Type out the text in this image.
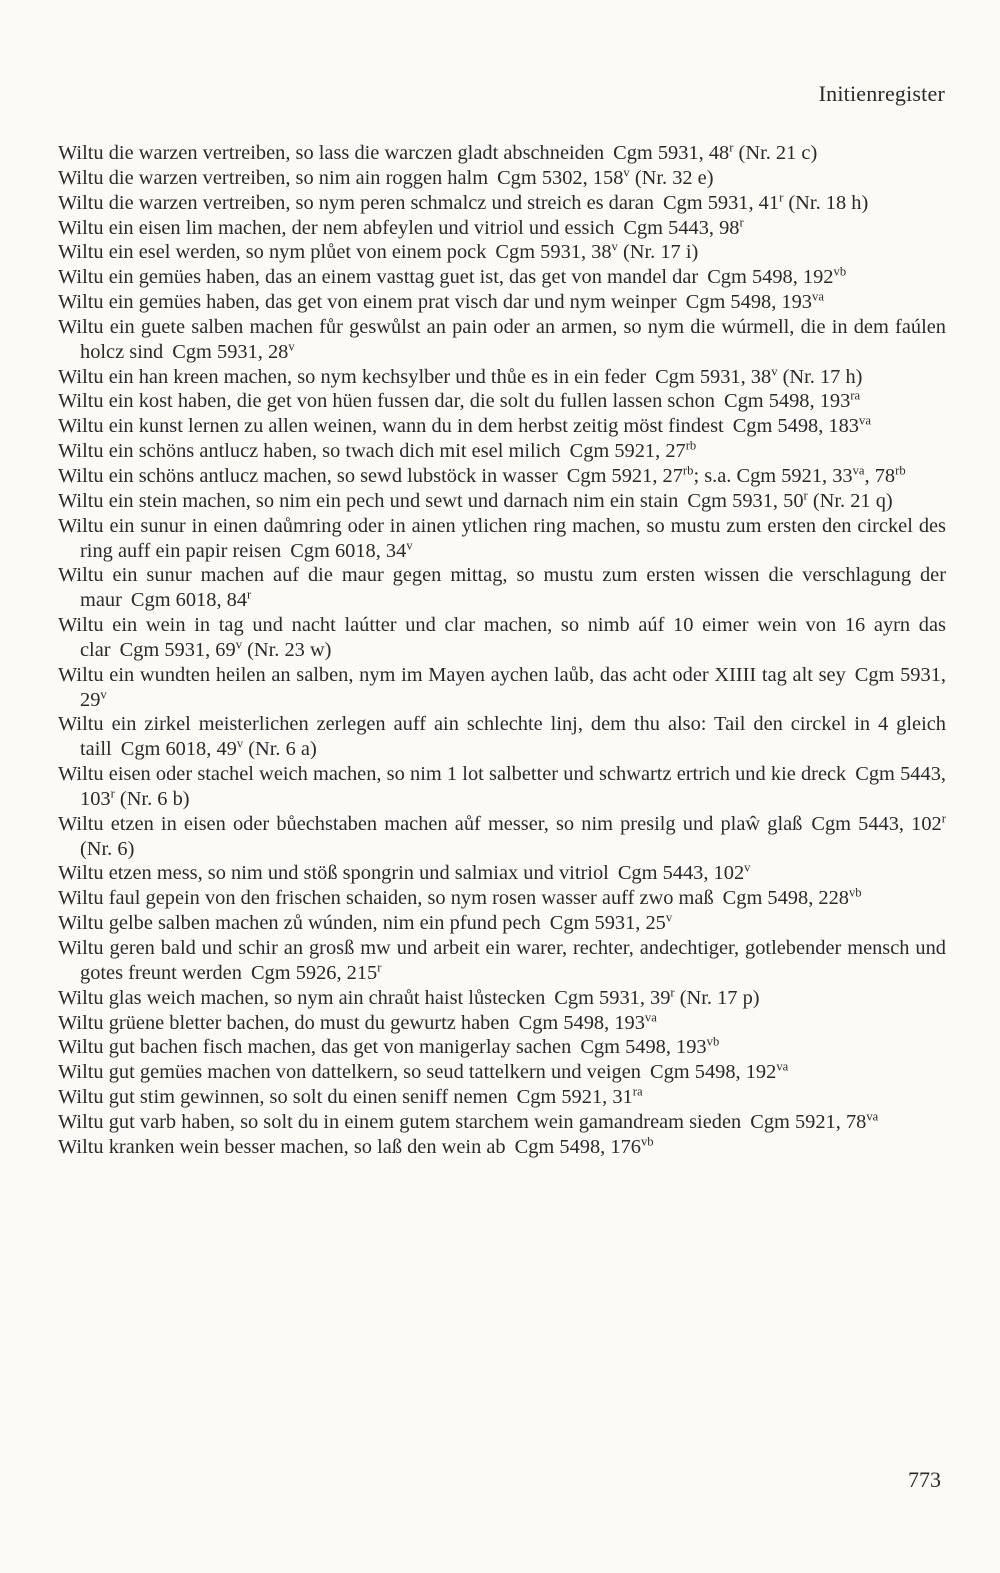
Initienregister
Wiltu die warzen vertreiben, so lass die warczen gladt abschneiden Cgm 5931, 48$^r$ (Nr. 21 c)
Wiltu die warzen vertreiben, so nim ain roggen halm Cgm 5302, 158$^v$ (Nr. 32 e)
Wiltu die warzen vertreiben, so nym peren schmalcz und streich es daran Cgm 5931, 41$^r$ (Nr. 18 h)
Wiltu ein eisen lim machen, der nem abfeylen und vitriol und essich Cgm 5443, 98$^r$
Wiltu ein esel werden, so nym plůet von einem pock Cgm 5931, 38$^v$ (Nr. 17 i)
Wiltu ein gemües haben, das an einem vasttag guet ist, das get von mandel dar Cgm 5498, $192^{vb}$
Wiltu ein gemües haben, das get von einem prat visch dar und nym weinper Cgm 5498, $193^{va}$
Wiltu ein guete salben machen fůr geswůlst an pain oder an armen, so nym die wúrmell, die in dem faúlen holcz sind Cgm 5931, 28$^v$
Wiltu ein han kreen machen, so nym kechsylber und thůe es in ein feder Cgm 5931, 38$^v$ (Nr. 17 h)
Wiltu ein kost haben, die get von hüen fussen dar, die solt du fullen lassen schon Cgm 5498, $193^{ra}$
Wiltu ein kunst lernen zu allen weinen, wann du in dem herbst zeitig möst findest Cgm 5498, $183^{va}$
Wiltu ein schöns antlucz haben, so twach dich mit esel milich Cgm 5921, $27^{rb}$
Wiltu ein schöns antlucz machen, so sewd lubstöck in wasser Cgm 5921, $27^{rb}$; s.a. Cgm 5921, $33^{va}$, $78^{rb}$
Wiltu ein stein machen, so nim ein pech und sewt und darnach nim ein stain Cgm 5931, 50$^r$ (Nr. 21 q)
Wiltu ein sunur in einen daůmring oder in ainen ytlichen ring machen, so mustu zum ersten den circkel des ring auff ein papir reisen Cgm 6018, 34$^v$
Wiltu ein sunur machen auf die maur gegen mittag, so mustu zum ersten wissen die verschlagung der maur Cgm 6018, 84$^r$
Wiltu ein wein in tag und nacht laútter und clar machen, so nimb aúf 10 eimer wein von 16 ayrn das clar Cgm 5931, 69$^v$ (Nr. 23 w)
Wiltu ein wundten heilen an salben, nym im Mayen aychen laůb, das acht oder XIIII tag alt sey Cgm 5931, 29$^v$
Wiltu ein zirkel meisterlichen zerlegen auff ain schlechte linj, dem thu also: Tail den circkel in 4 gleich taill Cgm 6018, 49$^v$ (Nr. 6 a)
Wiltu eisen oder stachel weich machen, so nim 1 lot salbetter und schwartz ertrich und kie dreck Cgm 5443, 103$^r$ (Nr. 6 b)
Wiltu etzen in eisen oder bůechstaben machen aůf messer, so nim presilg und plaŵ glaß Cgm 5443, 102$^r$ (Nr. 6)
Wiltu etzen mess, so nim und stöß spongrin und salmiax und vitriol Cgm 5443, 102$^v$
Wiltu faul gepein von den frischen schaiden, so nym rosen wasser auff zwo maß Cgm 5498, $228^{vb}$
Wiltu gelbe salben machen zů wúnden, nim ein pfund pech Cgm 5931, 25$^v$
Wiltu geren bald und schir an grosß mw und arbeit ein warer, rechter, andechtiger, gotlebender mensch und gotes freunt werden Cgm 5926, 215$^r$
Wiltu glas weich machen, so nym ain chraůt haist lůstecken Cgm 5931, 39$^r$ (Nr. 17 p)
Wiltu grüene bletter bachen, do must du gewurtz haben Cgm 5498, $193^{va}$
Wiltu gut bachen fisch machen, das get von manigerlay sachen Cgm 5498, $193^{vb}$
Wiltu gut gemües machen von dattelkern, so seud tattelkern und veigen Cgm 5498, $192^{va}$
Wiltu gut stim gewinnen, so solt du einen seniff nemen Cgm 5921, $31^{ra}$
Wiltu gut varb haben, so solt du in einem gutem starchem wein gamandream sieden Cgm 5921, $78^{va}$
Wiltu kranken wein besser machen, so laß den wein ab Cgm 5498, $176^{vb}$
773
